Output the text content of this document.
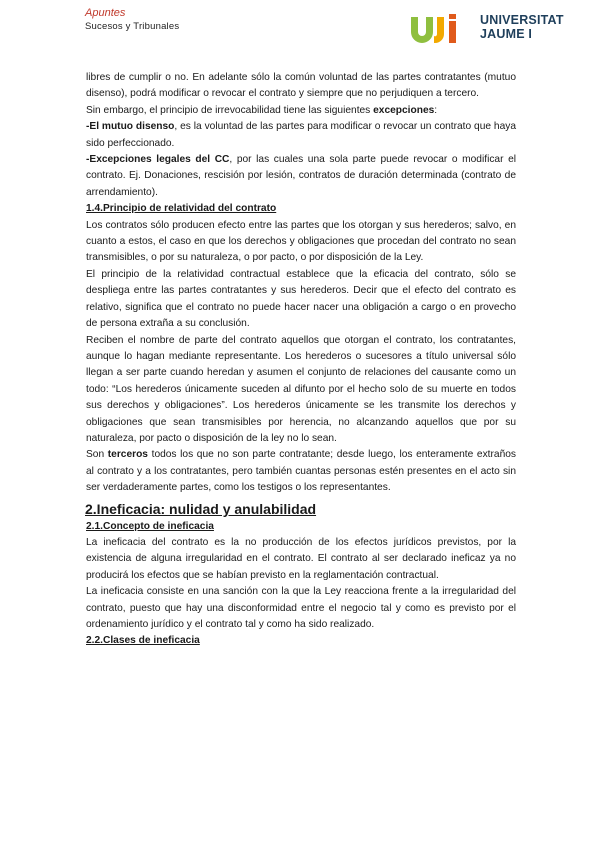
Apuntes
Sucesos y Tribunales	UNIVERSITAT
JAUME I

libres de cumplir o no. En adelante sólo la común voluntad de las partes contratantes (mutuo disenso), podrá modificar o revocar el contrato y siempre que no perjudiquen a tercero.

Sin embargo, el principio de irrevocabilidad tiene las siguientes excepciones:

-El mutuo disenso, es la voluntad de las partes para modificar o revocar un contrato que haya sido perfeccionado.

-Excepciones legales del CC, por las cuales una sola parte puede revocar o modificar el contrato. Ej. Donaciones, rescisión por lesión, contratos de duración determinada (contrato de arrendamiento).

1.4.Principio de relatividad del contrato

Los contratos sólo producen efecto entre las partes que los otorgan y sus herederos; salvo, en cuanto a estos, el caso en que los derechos y obligaciones que procedan del contrato no sean transmisibles, o por su naturaleza, o por pacto, o por disposición de la Ley.

El principio de la relatividad contractual establece que la eficacia del contrato, sólo se despliega entre las partes contratantes y sus herederos. Decir que el efecto del contrato es relativo, significa que el contrato no puede hacer nacer una obligación a cargo o en provecho de persona extraña a su conclusión.

Reciben el nombre de parte del contrato aquellos que otorgan el contrato, los contratantes, aunque lo hagan mediante representante. Los herederos o sucesores a título universal sólo llegan a ser parte cuando heredan y asumen el conjunto de relaciones del causante como un todo: “Los herederos únicamente suceden al difunto por el hecho solo de su muerte en todos sus derechos y obligaciones”. Los herederos únicamente se les transmite los derechos y obligaciones que sean transmisibles por herencia, no alcanzando aquellos que por su naturaleza, por pacto o disposición de la ley no lo sean.

Son terceros todos los que no son parte contratante; desde luego, los enteramente extraños al contrato y a los contratantes, pero también cuantas personas estén presentes en el acto sin ser verdaderamente partes, como los testigos o los representantes.

2.Ineficacia: nulidad y anulabilidad
2.1.Concepto de ineficacia

La ineficacia del contrato es la no producción de los efectos jurídicos previstos, por la existencia de alguna irregularidad en el contrato. El contrato al ser declarado ineficaz ya no producirá los efectos que se habían previsto en la reglamentación contractual.

La ineficacia consiste en una sanción con la que la Ley reacciona frente a la irregularidad del contrato, puesto que hay una disconformidad entre el negocio tal y como es previsto por el ordenamiento jurídico y el contrato tal y como ha sido realizado.

2.2.Clases de ineficacia
